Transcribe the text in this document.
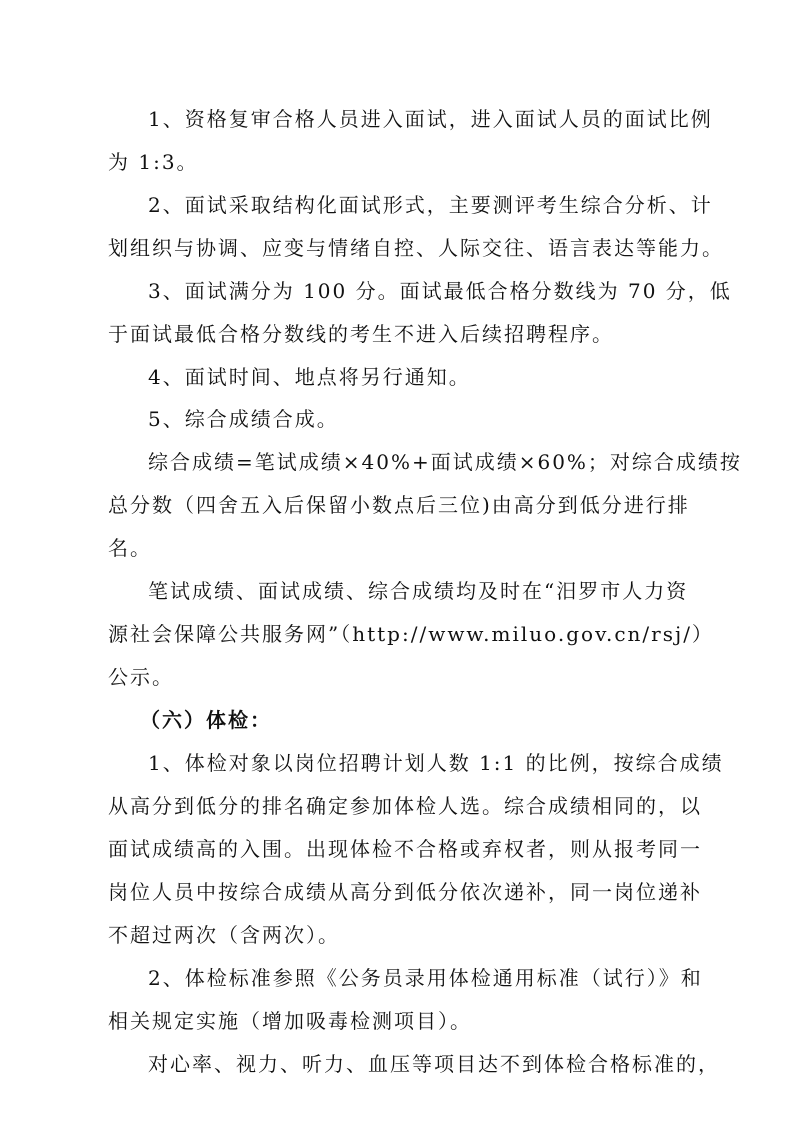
1、资格复审合格人员进入面试，进入面试人员的面试比例

为 1:3。

2、面试采取结构化面试形式，主要测评考生综合分析、计

划组织与协调、应变与情绪自控、人际交往、语言表达等能力。

3、面试满分为 100 分。面试最低合格分数线为 70 分，低

于面试最低合格分数线的考生不进入后续招聘程序。

4、面试时间、地点将另行通知。

5、综合成绩合成。

综合成绩=笔试成绩×40%+面试成绩×60%；对综合成绩按

总分数（四舍五入后保留小数点后三位)由高分到低分进行排

名。

笔试成绩、面试成绩、综合成绩均及时在“汨罗市人力资

源社会保障公共服务网”（http://www.miluo.gov.cn/rsj/）

公示。

（六）体检：

1、体检对象以岗位招聘计划人数 1:1 的比例，按综合成绩

从高分到低分的排名确定参加体检人选。综合成绩相同的，以

面试成绩高的入围。出现体检不合格或弃权者，则从报考同一

岗位人员中按综合成绩从高分到低分依次递补，同一岗位递补

不超过两次（含两次）。

2、体检标准参照《公务员录用体检通用标准（试行）》和

相关规定实施（增加吸毒检测项目）。

对心率、视力、听力、血压等项目达不到体检合格标准的，
